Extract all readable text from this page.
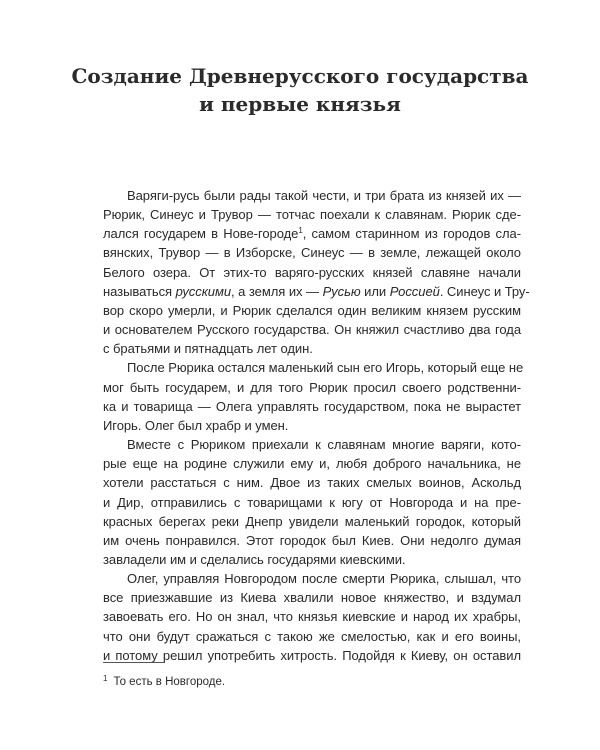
Создание Древнерусского государства
и первые князья
Варяги-русь были рады такой чести, и три брата из князей их —
Рюрик, Синеус и Трувор — тотчас поехали к славянам. Рюрик сде-
лался государем в Нове-городе$^1$, самом старинном из городов сла-
вянских, Трувор — в Изборске, Синеус — в земле, лежащей около
Белого озера. От этих-то варяго-русских князей славяне начали
называться русскими, а земля их — Русью или Россией. Синеус и Тру-
вор скоро умерли, и Рюрик сделался один великим князем русским
и основателем Русского государства. Он княжил счастливо два года
с братьями и пятнадцать лет один.
После Рюрика остался маленький сын его Игорь, который еще не
мог быть государем, и для того Рюрик просил своего родственни-
ка и товарища — Олега управлять государством, пока не вырастет
Игорь. Олег был храбр и умен.
Вместе с Рюриком приехали к славянам многие варяги, кото-
рые еще на родине служили ему и, любя доброго начальника, не
хотели расстаться с ним. Двое из таких смелых воинов, Аскольд
и Дир, отправились с товарищами к югу от Новгорода и на пре-
красных берегах реки Днепр увидели маленький городок, который
им очень понравился. Этот городок был Киев. Они недолго думая
завладели им и сделались государями киевскими.
Олег, управляя Новгородом после смерти Рюрика, слышал, что
все приезжавшие из Киева хвалили новое княжество, и вздумал
завоевать его. Но он знал, что князья киевские и народ их храбры,
что они будут сражаться с такою же смелостью, как и его воины,
и потому решил употребить хитрость. Подойдя к Киеву, он оставил
$^1$ То есть в Новгороде.
